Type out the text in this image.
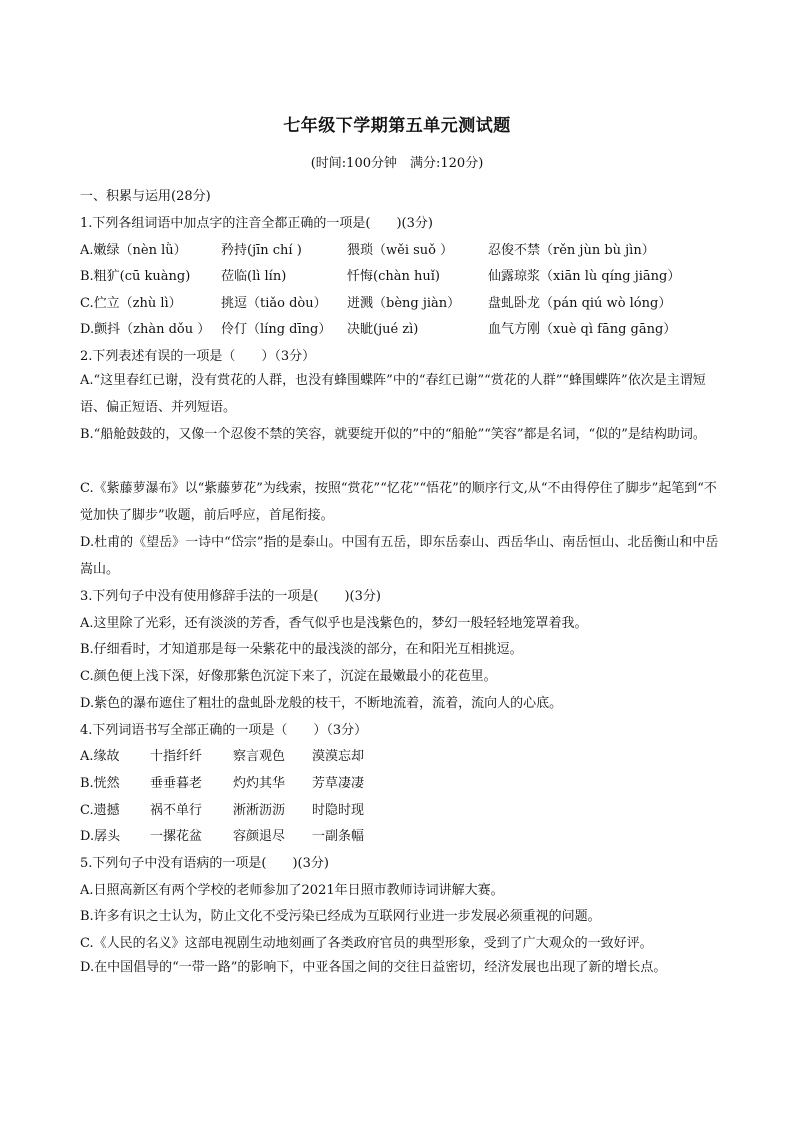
七年级下学期第五单元测试题
(时间:100分钟　满分:120分)
一、积累与运用(28分)
1.下列各组词语中加点字的注音全都正确的一项是(　　)(3分)
A.嫩绿（nèn lǜ）	矜持(jīn chí )	猥琐（wěi suǒ ）	忍俊不禁（rěn jùn bù jìn）
B.粗犷(cū kuàng) 莅临(lì lín)	忏悔(chàn huǐ)	仙露琼浆（xiān lù qíng jiāng）
C.伫立（zhù lì）	挑逗（tiǎo dòu） 迸溅（bèng jiàn） 盘虬卧龙（pán qiú wò lóng）
D.颤抖（zhàn dǒu ） 伶仃（líng dīng） 决眦(jué zì)	血气方刚（xuè qì fāng gāng）
2.下列表述有误的一项是（　　）（3分）
A.“这里春红已谢，没有赏花的人群，也没有蜂围蝶阵”中的“春红已谢”“赏花的人群”“蜂围蝶阵”依次是主谓短语、偏正短语、并列短语。
B.“船舱鼓鼓的，又像一个忍俊不禁的笑容，就要绽开似的”中的“船舱”“笑容”都是名词，“似的”是结构助词。
C.《紫藤萝瀑布》以“紫藤萝花”为线索，按照“赏花”“忆花”“悟花”的顺序行文,从“不由得停住了脚步”起笔到“不觉加快了脚步”收题，前后呼应，首尾衔接。
D.杜甫的《望岳》一诗中“岱宗”指的是泰山。中国有五岳，即东岳泰山、西岳华山、南岳恒山、北岳衡山和中岳嵩山。
3.下列句子中没有使用修辞手法的一项是(　　)(3分)
A.这里除了光彩，还有淡淡的芳香，香气似乎也是浅紫色的，梦幻一般轻轻地笼罩着我。
B.仔细看时，才知道那是每一朵紫花中的最浅淡的部分，在和阳光互相挑逗。
C.颜色便上浅下深，好像那紫色沉淀下来了，沉淀在最嫩最小的花苞里。
D.紫色的瀑布遮住了粗壮的盘虬卧龙般的枝干，不断地流着，流着，流向人的心底。
4.下列词语书写全部正确的一项是（　　）（3分）
A.缘故 十指纤纤 察言观色 漠漠忘却
B.恍然 垂垂暮老 灼灼其华 芳草凄凄
C.遗撼 祸不单行 淅淅沥沥 时隐时现
D.孱头 一摞花盆 容颜退尽 一副条幅
5.下列句子中没有语病的一项是(　　)(3分)
A.日照高新区有两个学校的老师参加了2021年日照市教师诗词讲解大赛。
B.许多有识之士认为，防止文化不受污染已经成为互联网行业进一步发展必须重视的问题。
C.《人民的名义》这部电视剧生动地刻画了各类政府官员的典型形象，受到了广大观众的一致好评。
D.在中国倡导的“一带一路”的影响下，中亚各国之间的交往日益密切，经济发展也出现了新的增长点。
